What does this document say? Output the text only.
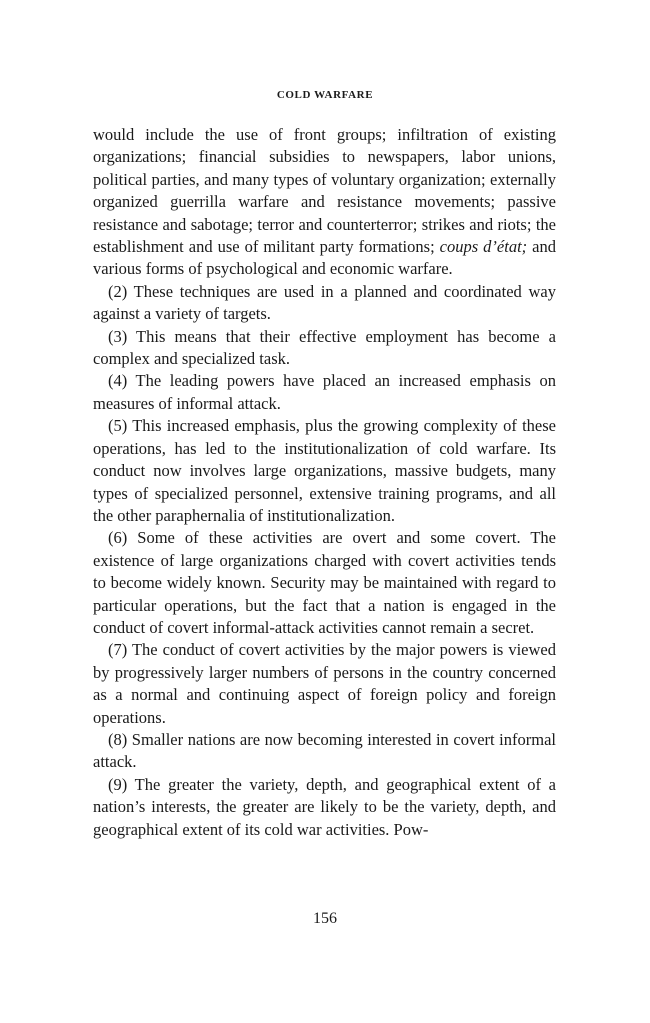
COLD WARFARE

would include the use of front groups; infiltration of existing organizations; financial subsidies to newspapers, labor unions, political parties, and many types of voluntary organization; externally organized guerrilla warfare and resistance movements; passive resistance and sabotage; terror and counterterror; strikes and riots; the establishment and use of militant party formations; coups d’état; and various forms of psychological and economic warfare.

(2) These techniques are used in a planned and coordinated way against a variety of targets.

(3) This means that their effective employment has become a complex and specialized task.

(4) The leading powers have placed an increased emphasis on measures of informal attack.

(5) This increased emphasis, plus the growing complexity of these operations, has led to the institutionalization of cold warfare. Its conduct now involves large organizations, massive budgets, many types of specialized personnel, extensive training programs, and all the other paraphernalia of institutionalization.

(6) Some of these activities are overt and some covert. The existence of large organizations charged with covert activities tends to become widely known. Security may be maintained with regard to particular operations, but the fact that a nation is engaged in the conduct of covert informal-attack activities cannot remain a secret.

(7) The conduct of covert activities by the major powers is viewed by progressively larger numbers of persons in the country concerned as a normal and continuing aspect of foreign policy and foreign operations.

(8) Smaller nations are now becoming interested in covert informal attack.

(9) The greater the variety, depth, and geographical extent of a nation’s interests, the greater are likely to be the variety, depth, and geographical extent of its cold war activities. Pow-

156
